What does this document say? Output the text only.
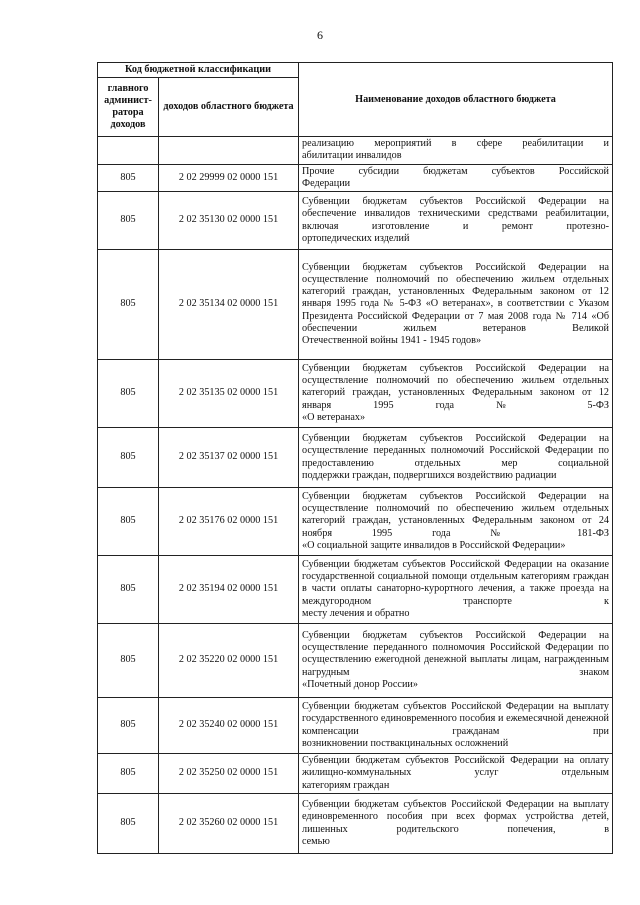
6
Код бюджетной классификации		Наименование доходов областного бюджета
главного админист-ратора доходов	доходов областного бюджета	
		реализацию мероприятий в сфере реабилитации и
абилитации инвалидов

805	2 02 29999 02 0000 151	Прочие субсидии бюджетам субъектов Российской
Федерации

805	2 02 35130 02 0000 151	Субвенции бюджетам субъектов Российской Федерации на обеспечение инвалидов техническими средствами реабилитации, включая изготовление и ремонт протезно-
ортопедических изделий

805	2 02 35134 02 0000 151	Субвенции бюджетам субъектов Российской Федерации на осуществление полномочий по обеспечению жильем отдельных категорий граждан, установленных Федеральным законом от 12 января 1995 года № 5-ФЗ «О ветеранах», в соответствии с Указом Президента Российской Федерации от 7 мая 2008 года № 714 «Об обеспечении жильем ветеранов Великой
Отечественной войны 1941 - 1945 годов»

805	2 02 35135 02 0000 151	Субвенции бюджетам субъектов Российской Федерации на осуществление полномочий по обеспечению жильем отдельных категорий граждан, установленных Федеральным законом от 12 января 1995 года № 5-ФЗ
«О ветеранах»

805	2 02 35137 02 0000 151	Субвенции бюджетам субъектов Российской Федерации на осуществление переданных полномочий Российской Федерации по предоставлению отдельных мер социальной
поддержки граждан, подвергшихся воздействию радиации

805	2 02 35176 02 0000 151	Субвенции бюджетам субъектов Российской Федерации на осуществление полномочий по обеспечению жильем отдельных категорий граждан, установленных Федеральным законом от 24 ноября 1995 года № 181-ФЗ
«О социальной защите инвалидов в Российской Федерации»

805	2 02 35194 02 0000 151	Субвенции бюджетам субъектов Российской Федерации на оказание государственной социальной помощи отдельным категориям граждан в части оплаты санаторно-курортного лечения, а также проезда на междугородном транспорте к
месту лечения и обратно

805	2 02 35220 02 0000 151	Субвенции бюджетам субъектов Российской Федерации на осуществление переданного полномочия Российской Федерации по осуществлению ежегодной денежной выплаты лицам, награжденным нагрудным знаком
«Почетный донор России»

805	2 02 35240 02 0000 151	Субвенции бюджетам субъектов Российской Федерации на выплату государственного единовременного пособия и ежемесячной денежной компенсации гражданам при
возникновении поствакцинальных осложнений

805	2 02 35250 02 0000 151	Субвенции бюджетам субъектов Российской Федерации на оплату жилищно-коммунальных услуг отдельным
категориям граждан

805	2 02 35260 02 0000 151	Субвенции бюджетам субъектов Российской Федерации на выплату единовременного пособия при всех формах устройства детей, лишенных родительского попечения, в
семью
